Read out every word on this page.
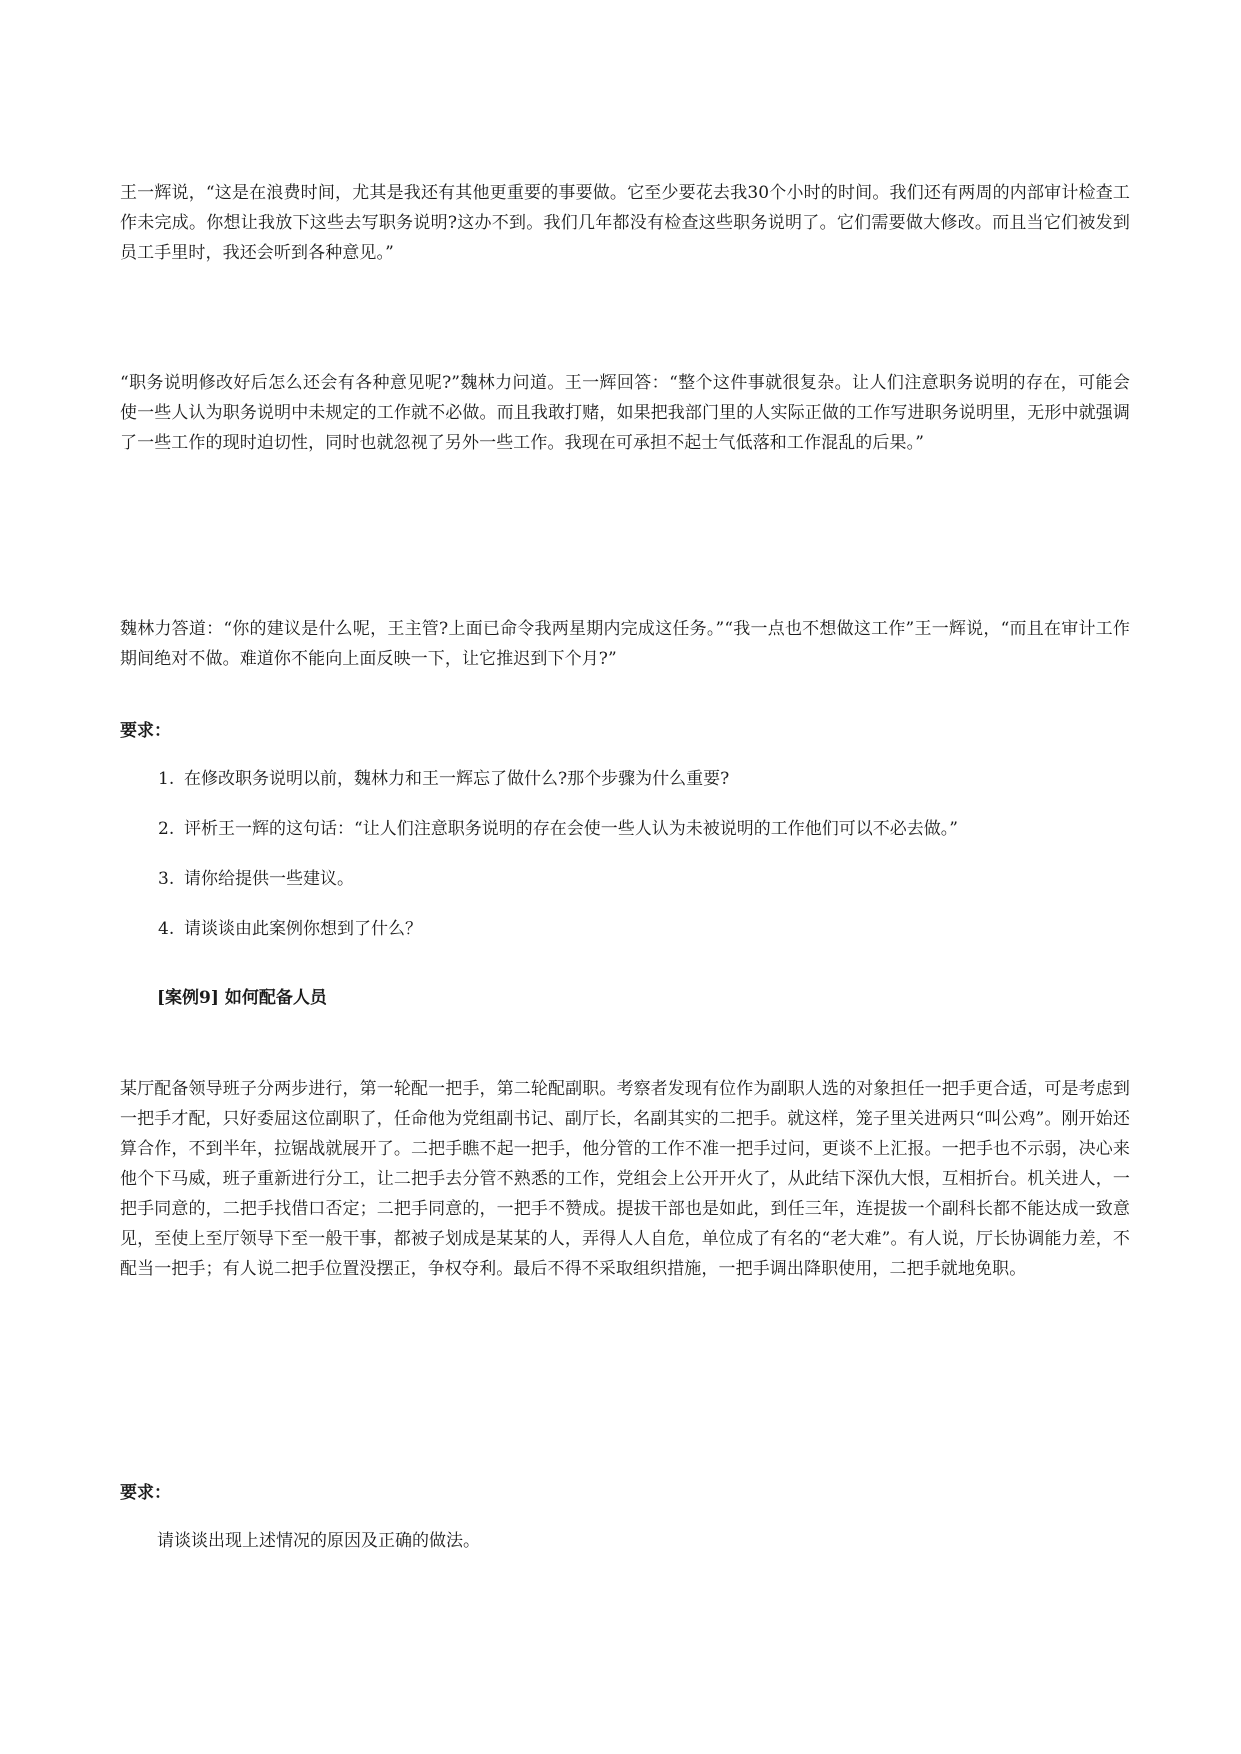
王一辉说，“这是在浪费时间，尤其是我还有其他更重要的事要做。它至少要花去我30个小时的时间。我们还有两周的内部审计检查工作未完成。你想让我放下这些去写职务说明?这办不到。我们几年都没有检查这些职务说明了。它们需要做大修改。而且当它们被发到员工手里时，我还会听到各种意见。”

“职务说明修改好后怎么还会有各种意见呢?”魏林力问道。王一辉回答：“整个这件事就很复杂。让人们注意职务说明的存在，可能会使一些人认为职务说明中未规定的工作就不必做。而且我敢打赌，如果把我部门里的人实际正做的工作写进职务说明里，无形中就强调了一些工作的现时迫切性，同时也就忽视了另外一些工作。我现在可承担不起士气低落和工作混乱的后果。”

魏林力答道：“你的建议是什么呢，王主管?上面已命令我两星期内完成这任务。”“我一点也不想做这工作”王一辉说，“而且在审计工作期间绝对不做。难道你不能向上面反映一下，让它推迟到下个月?”

要求：

1. 在修改职务说明以前，魏林力和王一辉忘了做什么?那个步骤为什么重要?
2. 评析王一辉的这句话：“让人们注意职务说明的存在会使一些人认为未被说明的工作他们可以不必去做。”
3. 请你给提供一些建议。
4. 请谈谈由此案例你想到了什么？

[案例9] 如何配备人员

某厅配备领导班子分两步进行，第一轮配一把手，第二轮配副职。考察者发现有位作为副职人选的对象担任一把手更合适，可是考虑到一把手才配，只好委屈这位副职了，任命他为党组副书记、副厅长，名副其实的二把手。就这样，笼子里关进两只“叫公鸡”。刚开始还算合作，不到半年，拉锯战就展开了。二把手瞧不起一把手，他分管的工作不准一把手过问，更谈不上汇报。一把手也不示弱，决心来他个下马威，班子重新进行分工，让二把手去分管不熟悉的工作，党组会上公开开火了，从此结下深仇大恨，互相折台。机关进人，一把手同意的，二把手找借口否定；二把手同意的，一把手不赞成。提拔干部也是如此，到任三年，连提拔一个副科长都不能达成一致意见，至使上至厅领导下至一般干事，都被子划成是某某的人，弄得人人自危，单位成了有名的“老大难”。有人说，厅长协调能力差，不配当一把手；有人说二把手位置没摆正，争权夺利。最后不得不采取组织措施，一把手调出降职使用，二把手就地免职。

要求：

请谈谈出现上述情况的原因及正确的做法。
